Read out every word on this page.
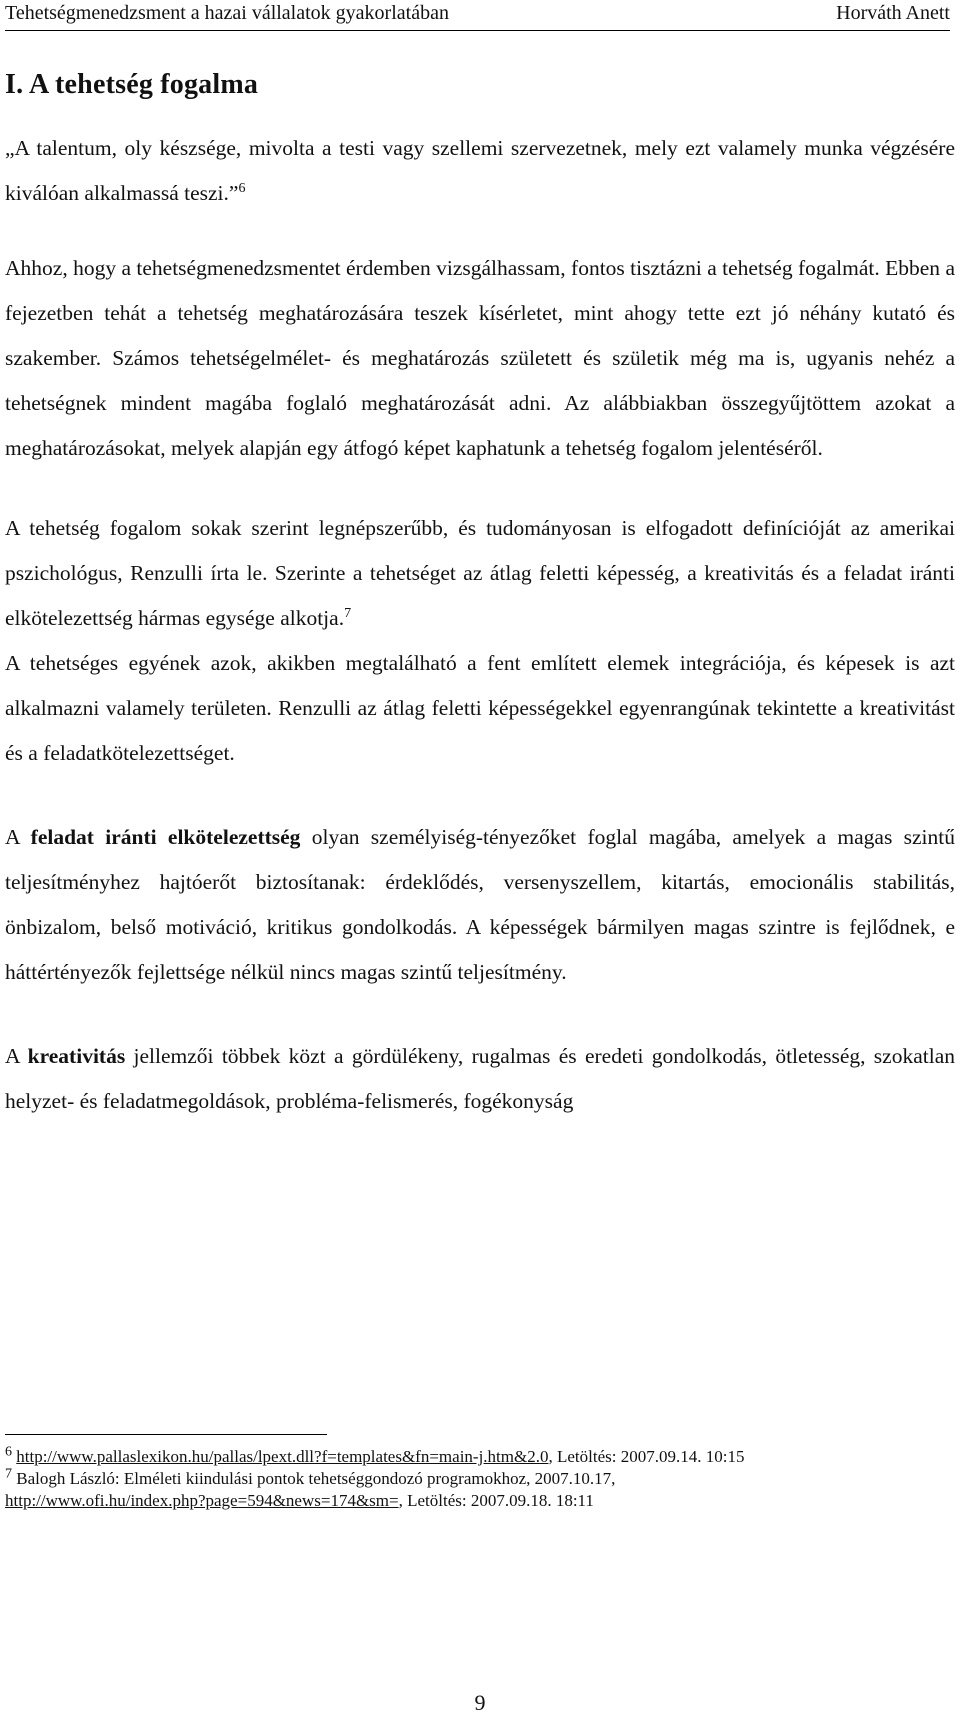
Tehetségmenedzsment a hazai vállalatok gyakorlatában	Horváth Anett
I. A tehetség fogalma

„A talentum, oly készsége, mivolta a testi vagy szellemi szervezetnek, mely ezt valamely munka végzésére kiválóan alkalmassá teszi.”$^6$

Ahhoz, hogy a tehetségmenedzsmentet érdemben vizsgálhassam, fontos tisztázni a tehetség fogalmát. Ebben a fejezetben tehát a tehetség meghatározására teszek kísérletet, mint ahogy tette ezt jó néhány kutató és szakember. Számos tehetségelmélet- és meghatározás született és születik még ma is, ugyanis nehéz a tehetségnek mindent magába foglaló meghatározását adni. Az alábbiakban összegyűjtöttem azokat a meghatározásokat, melyek alapján egy átfogó képet kaphatunk a tehetség fogalom jelentéséről.

A tehetség fogalom sokak szerint legnépszerűbb, és tudományosan is elfogadott definícióját az amerikai pszichológus, Renzulli írta le. Szerinte a tehetséget az átlag feletti képesség, a kreativitás és a feladat iránti elkötelezettség hármas egysége alkotja.$^7$
A tehetséges egyének azok, akikben megtalálható a fent említett elemek integrációja, és képesek is azt alkalmazni valamely területen. Renzulli az átlag feletti képességekkel egyenrangúnak tekintette a kreativitást és a feladatkötelezettséget.

A feladat iránti elkötelezettség olyan személyiség-tényezőket foglal magába, amelyek a magas szintű teljesítményhez hajtóerőt biztosítanak: érdeklődés, versenyszellem, kitartás, emocionális stabilitás, önbizalom, belső motiváció, kritikus gondolkodás. A képességek bármilyen magas szintre is fejlődnek, e háttértényezők fejlettsége nélkül nincs magas szintű teljesítmény.

A kreativitás jellemzői többek közt a gördülékeny, rugalmas és eredeti gondolkodás, ötletesség, szokatlan helyzet- és feladatmegoldások, probléma-felismerés, fogékonyság

$^6$ http://www.pallaslexikon.hu/pallas/lpext.dll?f=templates&fn=main-j.htm&2.0, Letöltés: 2007.09.14. 10:15

$^7$ Balogh László: Elméleti kiindulási pontok tehetséggondozó programokhoz, 2007.10.17,
http://www.ofi.hu/index.php?page=594&news=174&sm=, Letöltés: 2007.09.18. 18:11

9
